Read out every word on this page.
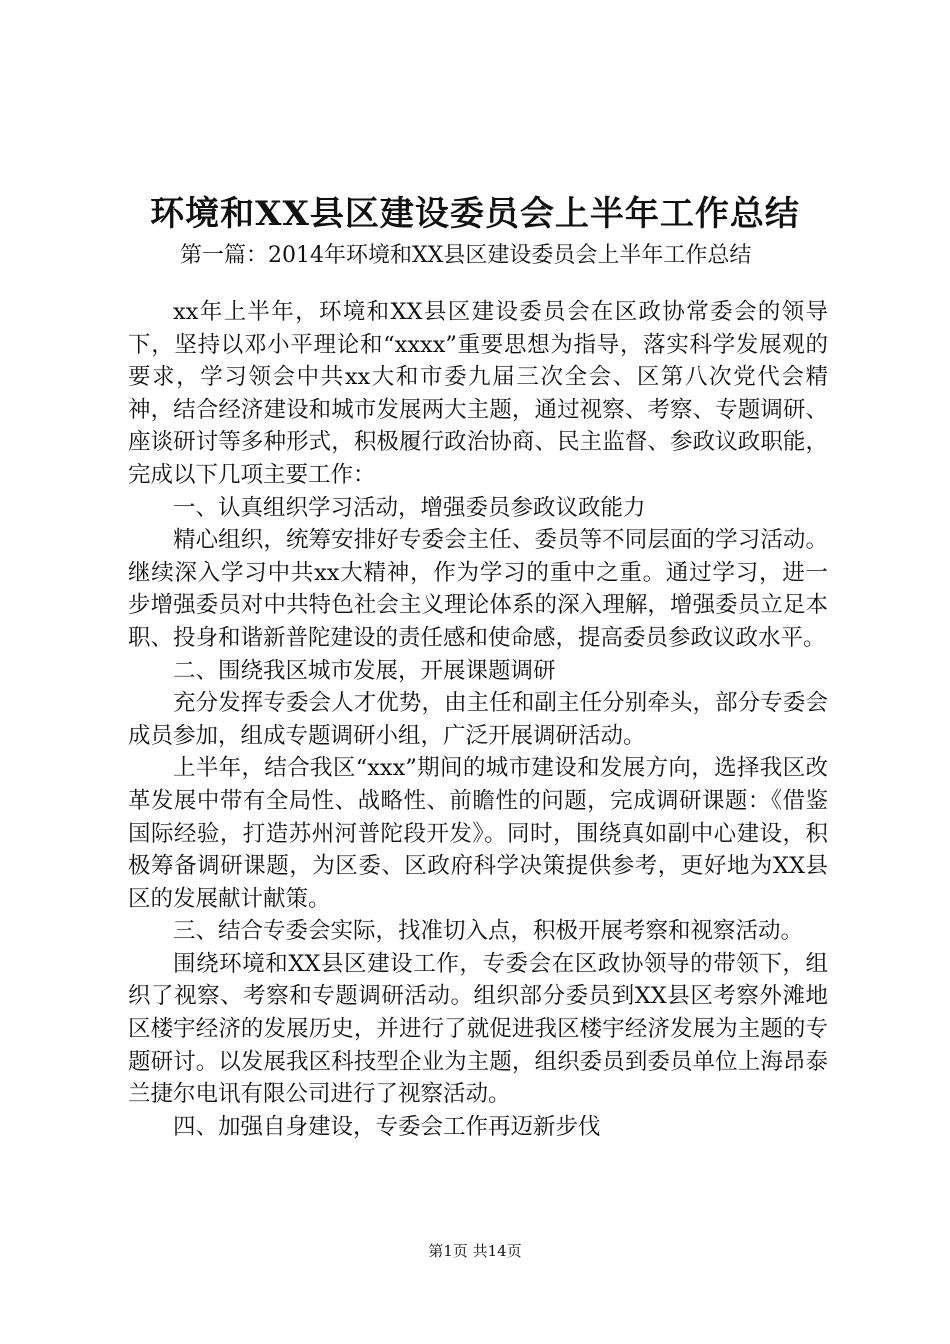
环境和XX县区建设委员会上半年工作总结
第一篇：2014年环境和XX县区建设委员会上半年工作总结

xx年上半年，环境和XX县区建设委员会在区政协常委会的领导下，坚持以邓小平理论和“xxxx”重要思想为指导，落实科学发展观的要求，学习领会中共xx大和市委九届三次全会、区第八次党代会精神，结合经济建设和城市发展两大主题，通过视察、考察、专题调研、座谈研讨等多种形式，积极履行政治协商、民主监督、参政议政职能，完成以下几项主要工作：

一、认真组织学习活动，增强委员参政议政能力

精心组织，统筹安排好专委会主任、委员等不同层面的学习活动。继续深入学习中共xx大精神，作为学习的重中之重。通过学习，进一步增强委员对中共特色社会主义理论体系的深入理解，增强委员立足本职、投身和谐新普陀建设的责任感和使命感，提高委员参政议政水平。

二、围绕我区城市发展，开展课题调研

充分发挥专委会人才优势，由主任和副主任分别牵头，部分专委会成员参加，组成专题调研小组，广泛开展调研活动。

上半年，结合我区“xxx”期间的城市建设和发展方向，选择我区改革发展中带有全局性、战略性、前瞻性的问题，完成调研课题：《借鉴国际经验，打造苏州河普陀段开发》。同时，围绕真如副中心建设，积极筹备调研课题，为区委、区政府科学决策提供参考，更好地为XX县区的发展献计献策。

三、结合专委会实际，找准切入点，积极开展考察和视察活动。

围绕环境和XX县区建设工作，专委会在区政协领导的带领下，组织了视察、考察和专题调研活动。组织部分委员到XX县区考察外滩地区楼宇经济的发展历史，并进行了就促进我区楼宇经济发展为主题的专题研讨。以发展我区科技型企业为主题，组织委员到委员单位上海昂泰兰捷尔电讯有限公司进行了视察活动。

四、加强自身建设，专委会工作再迈新步伐

第1页 共14页
